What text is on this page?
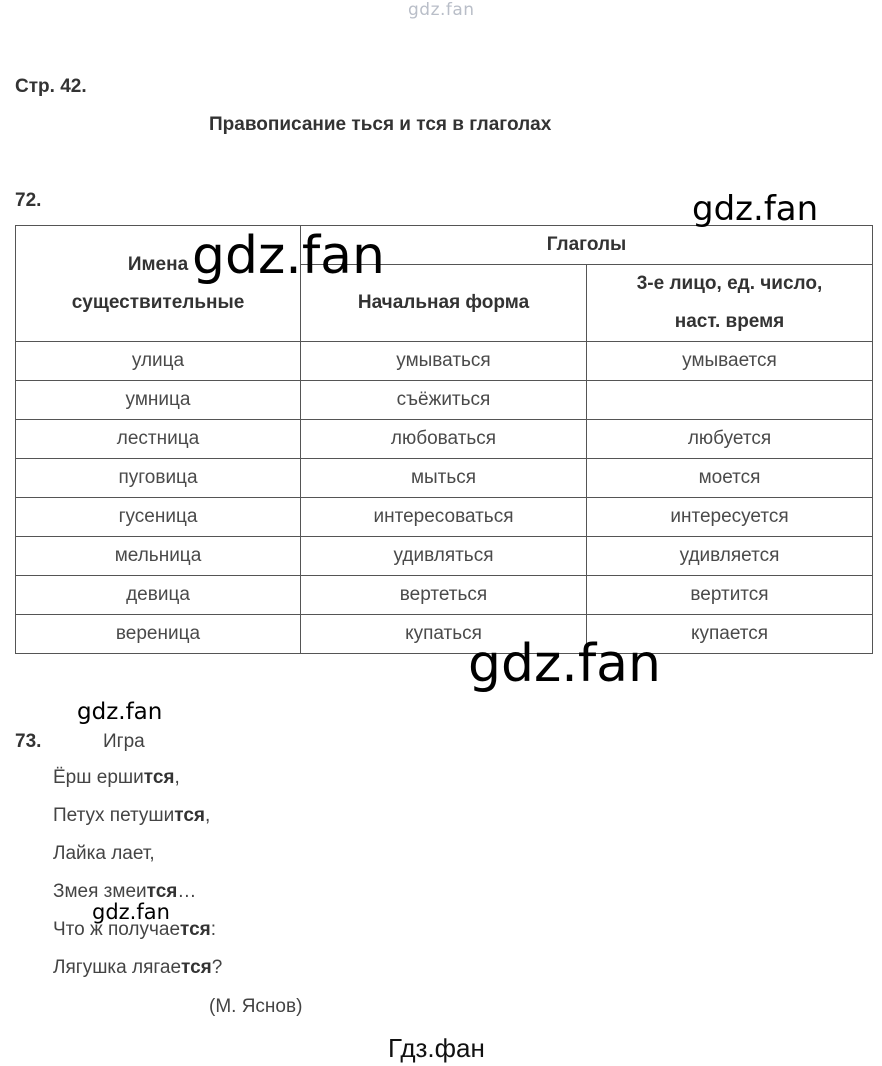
gdz.fan
Стр. 42.
Правописание ться и тся в глаголах
72.
Имена
существительные	Глаголы	
	Начальная форма	3-е лицо, ед. число,
наст. время

улица	умываться	умывается
умница	съёжиться	
лестница	любоваться	любуется
пуговица	мыться	моется
гусеница	интересоваться	интересуется
мельница	удивляться	удивляется
девица	вертеться	вертится
вереница	купаться	купается
gdz.fan
gdz.fan
gdz.fan
gdz.fan
73.	Игра
Ёрш ершится,
Петух петушится,
Лайка лает,
Змея змеится…
Что ж получается:
Лягушка лягается?
gdz.fan
(М. Яснов)
Гдз.фан
